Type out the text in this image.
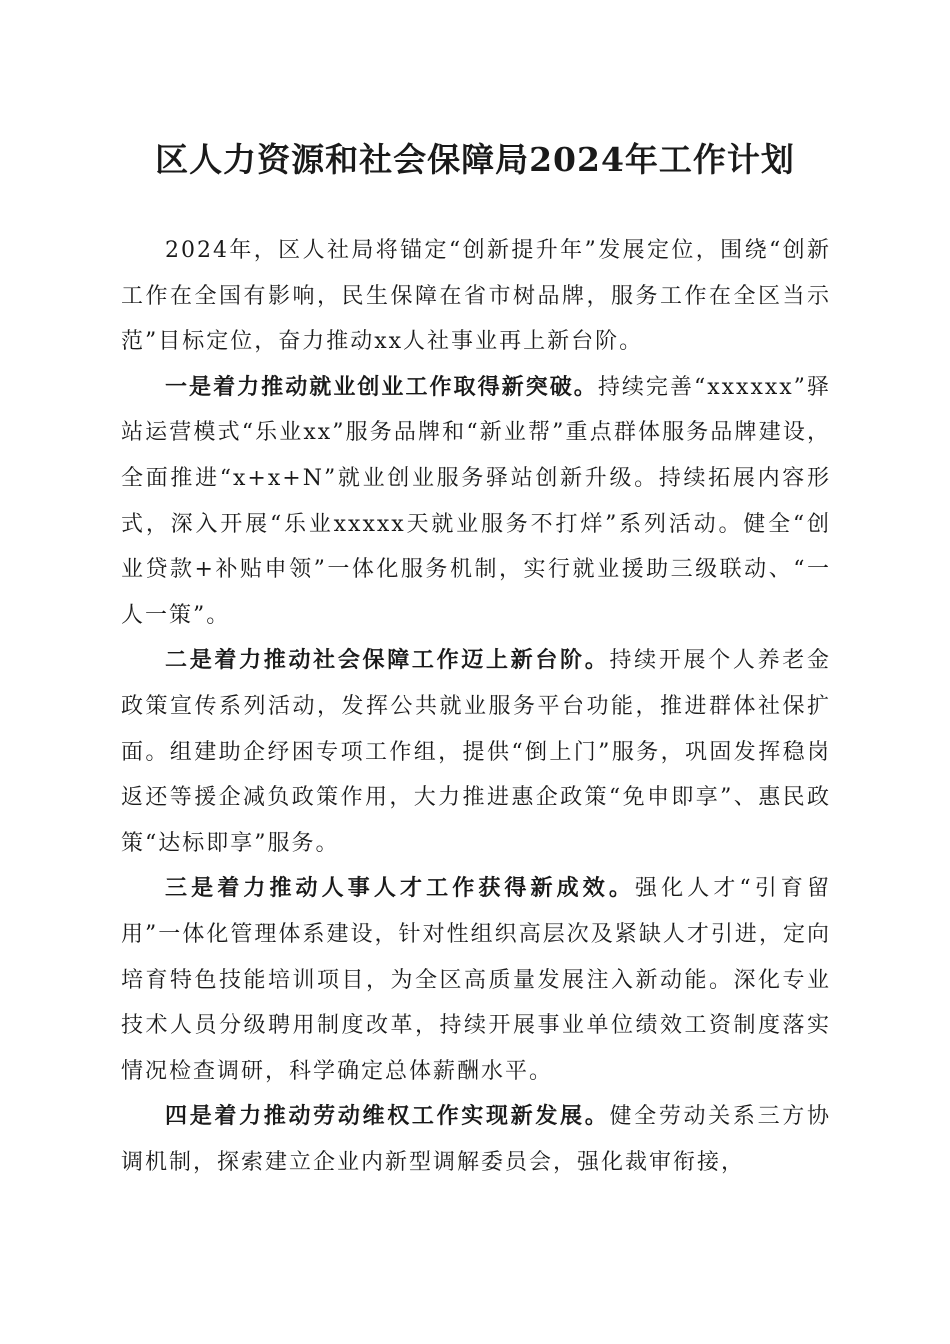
区人力资源和社会保障局2024年工作计划

2024年，区人社局将锚定“创新提升年”发展定位，围绕“创新工作在全国有影响，民生保障在省市树品牌，服务工作在全区当示范”目标定位，奋力推动xx人社事业再上新台阶。

一是着力推动就业创业工作取得新突破。持续完善“xxxxxx”驿站运营模式“乐业xx”服务品牌和“新业帮”重点群体服务品牌建设，全面推进“x+x+N”就业创业服务驿站创新升级。持续拓展内容形式，深入开展“乐业xxxxx天就业服务不打烊”系列活动。健全“创业贷款+补贴申领”一体化服务机制，实行就业援助三级联动、“一人一策”。

二是着力推动社会保障工作迈上新台阶。持续开展个人养老金政策宣传系列活动，发挥公共就业服务平台功能，推进群体社保扩面。组建助企纾困专项工作组，提供“倒上门”服务，巩固发挥稳岗返还等援企减负政策作用，大力推进惠企政策“免申即享”、惠民政策“达标即享”服务。

三是着力推动人事人才工作获得新成效。强化人才“引育留用”一体化管理体系建设，针对性组织高层次及紧缺人才引进，定向培育特色技能培训项目，为全区高质量发展注入新动能。深化专业技术人员分级聘用制度改革，持续开展事业单位绩效工资制度落实情况检查调研，科学确定总体薪酬水平。

四是着力推动劳动维权工作实现新发展。健全劳动关系三方协调机制，探索建立企业内新型调解委员会，强化裁审衔接，
